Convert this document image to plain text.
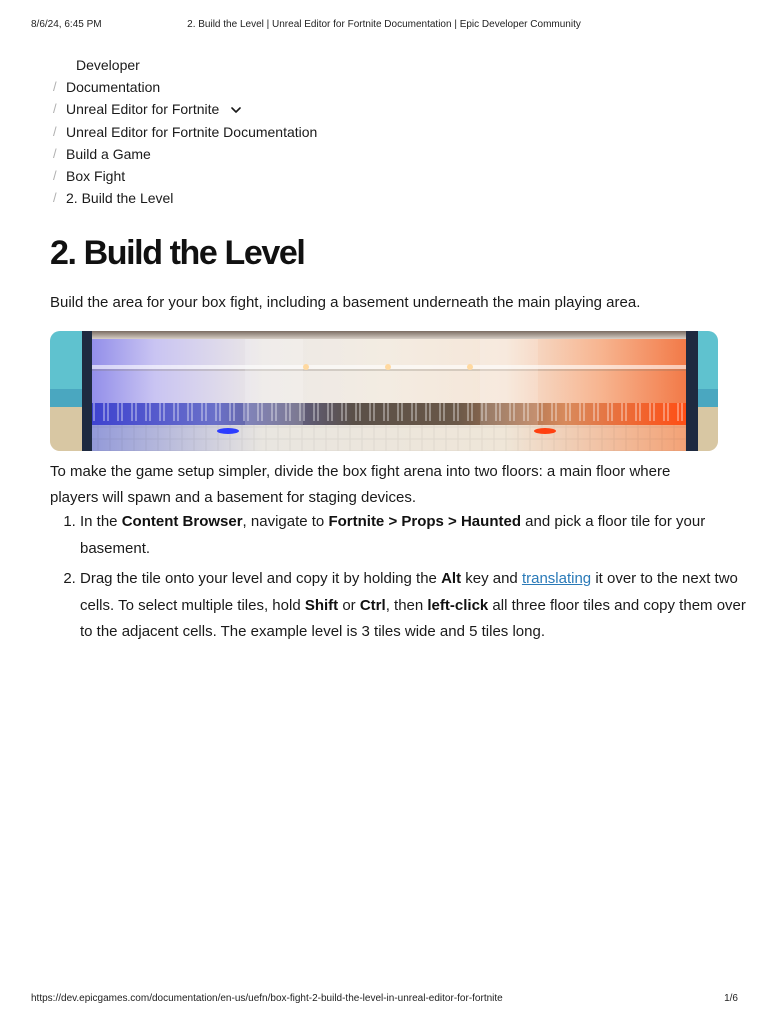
8/6/24, 6:45 PM	2. Build the Level | Unreal Editor for Fortnite Documentation | Epic Developer Community
Developer
/ Documentation
/ Unreal Editor for Fortnite
/ Unreal Editor for Fortnite Documentation
/ Build a Game
/ Box Fight
/ 2. Build the Level
2. Build the Level

Build the area for your box fight, including a basement underneath the main playing area.

To make the game setup simpler, divide the box fight arena into two floors: a main floor where players will spawn and a basement for staging devices.

1. In the Content Browser, navigate to Fortnite > Props > Haunted and pick a floor tile for your basement.
2. Drag the tile onto your level and copy it by holding the Alt key and translating it over to the next two cells. To select multiple tiles, hold Shift or Ctrl, then left-click all three floor tiles and copy them over to the adjacent cells. The example level is 3 tiles wide and 5 tiles long.
https://dev.epicgames.com/documentation/en-us/uefn/box-fight-2-build-the-level-in-unreal-editor-for-fortnite	1/6
